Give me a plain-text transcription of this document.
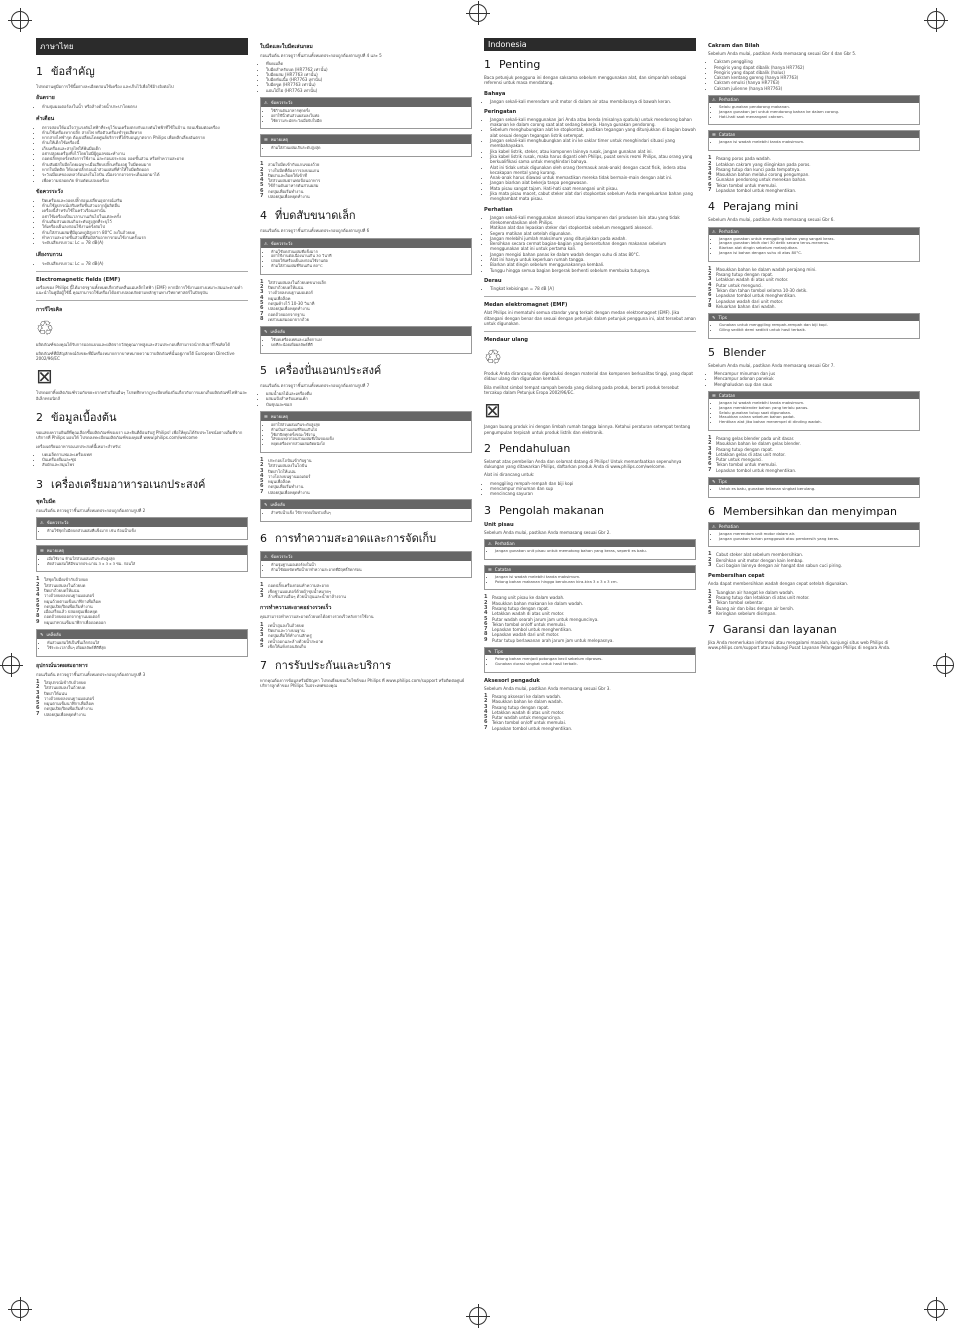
ภาษาไทย
1 ข้อสำคัญ
โปรดอ่านคู่มือการใช้นี้อย่างละเอียดก่อนใช้เครื่อง และเก็บไว้เพื่อใช้อ้างอิงต่อไป
อันตราย
• ห้ามจุ่มมอเตอร์ลงในน้ำ หรือล้างด้วยน้ำประปาโดยตรง
คำเตือน
• ตรวจสอบให้แน่ใจว่าแรงดันไฟฟ้าที่ระบุไว้บนเครื่องตรงกับแรงดันไฟฟ้าที่ใช้ในบ้าน ก่อนเชื่อมต่อเครื่อง
• ห้ามใช้เครื่องหากปลั๊ก สายไฟ หรือตัวเครื่องชำรุดเสียหาย
• หากสายไฟชำรุด ต้องเปลี่ยนโดยศูนย์บริการที่ได้รับอนุญาตจาก Philips เพื่อหลีกเลี่ยงอันตราย
• ห้ามให้เด็กใช้เครื่องนี้
• เก็บเครื่องและสายไฟให้พ้นมือเด็ก
• อย่าปล่อยเครื่องทิ้งไว้โดยไม่มีผู้ดูแลขณะทำงาน
• ถอดปลั๊กทุกครั้งหลังการใช้งาน และก่อนประกอบ ถอดชิ้นส่วน หรือทำความสะอาด
• ห้ามสัมผัสใบมีดโดยเฉพาะเมื่อเสียบปลั๊กเครื่องอยู่ ใบมีดคมมาก
• หากใบมีดติด ให้ถอดปลั๊กก่อนนำส่วนผสมที่ทำให้ใบมีดติดออก
• ระวังเมื่อเทของเหลวร้อนลงในโถปั่น เนื่องจากอาจกระเด็นออกมาได้
• เพื่อความปลอดภัย ห้ามดัดแปลงเครื่อง
ข้อควรระวัง
• ปิดเครื่องและถอดปลั๊กก่อนเปลี่ยนอุปกรณ์เสริม
• ห้ามใช้อุปกรณ์เสริมหรือชิ้นส่วนจากผู้ผลิตอื่น
• เครื่องนี้สำหรับใช้ในครัวเรือนเท่านั้น
• อย่าใช้เครื่องเป็นเวลานานเกินไปในแต่ละครั้ง
• ห้ามเติมส่วนผสมเกินระดับสูงสุดที่ระบุไว้
• ให้เครื่องเย็นลงก่อนใช้งานครั้งต่อไป
• ห้ามใส่ส่วนผสมที่มีอุณหภูมิสูงกว่า 80°C ลงในถ้วยบด
• ทำความสะอาดชิ้นส่วนที่สัมผัสกับอาหารก่อนใช้งานครั้งแรก
• ระดับเสียงรบกวน: Lc = 78 dB(A)
เสียงรบกวน
• ระดับเสียงรบกวน: Lc = 78 dB(A)
Electromagnetic fields (EMF)
เครื่องของ Philips นี้ได้มาตรฐานทั้งหมดเกี่ยวกับคลื่นแม่เหล็กไฟฟ้า (EMF) หากมีการใช้งานอย่างเหมาะสมและตามคำแนะนำในคู่มือผู้ใช้นี้ คุณสามารถใช้เครื่องได้อย่างปลอดภัยตามหลักฐานทางวิทยาศาสตร์ในปัจจุบัน
การรีไซเคิล
♲
ผลิตภัณฑ์ของคุณได้รับการออกแบบและผลิตจากวัสดุคุณภาพสูงและส่วนประกอบที่สามารถนำกลับมารีไซเคิลได้
ผลิตภัณฑ์ที่มีสัญลักษณ์ถังขยะที่มีเครื่องหมายกากบาทหมายความว่าผลิตภัณฑ์นั้นอยู่ภายใต้ European Directive 2002/96/EC
⊠
โปรดอย่าทิ้งผลิตภัณฑ์รวมกับขยะจากครัวเรือนอื่นๆ โปรดศึกษากฎระเบียบท้องถิ่นเกี่ยวกับการแยกเก็บผลิตภัณฑ์ไฟฟ้าและอิเล็กทรอนิกส์
2 ข้อมูลเบื้องต้น
ขอแสดงความยินดีที่คุณเลือกซื้อผลิตภัณฑ์ของเรา และยินดีต้อนรับสู่ Philips! เพื่อให้คุณได้รับประโยชน์อย่างเต็มที่จากบริการที่ Philips มอบให้ โปรดลงทะเบียนผลิตภัณฑ์ของคุณที่ www.philips.com/welcome
เครื่องเตรียมอาหารอเนกประสงค์นี้เหมาะสำหรับ:
• บดเมล็ดกาแฟและเครื่องเทศ
• ปั่นเครื่องดื่มและซุป
• สับผักและสมุนไพร
3 เครื่องเตรียมอาหารอเนกประสงค์
ชุดใบมีด
ก่อนเริ่มต้น ตรวจดูว่าชิ้นส่วนทั้งหมดประกอบถูกต้องตามรูปที่ 2
⚠ ข้อควรระวัง
• ห้ามใช้ชุดใบมีดบดส่วนผสมที่แข็งมาก เช่น ก้อนน้ำแข็ง
☰ หมายเหตุ
• เมื่อใช้งาน ห้ามใส่ส่วนผสมเกินระดับสูงสุด
• ตัดส่วนผสมให้มีขนาดประมาณ 3 x 3 x 3 ซม. ก่อนใส่
1	ใส่ชุดใบมีดเข้ากับถ้วยบด
2	ใส่ส่วนผสมลงในถ้วยบด
3	ปิดฝาถ้วยบดให้แน่น
4	วางถ้วยบดลงบนฐานมอเตอร์
5	หมุนถ้วยตามเข็มนาฬิกาเพื่อล็อค
6	กดปุ่มเปิด/ปิดเพื่อเริ่มทำงาน
7	เมื่อเสร็จแล้ว ปล่อยปุ่มเพื่อหยุด
8	ถอดถ้วยบดออกจากฐานมอเตอร์
9	หมุนฝาทวนเข็มนาฬิกาเพื่อถอดออก
✎ เคล็ดลับ
• หั่นส่วนผสมให้เป็นชิ้นเล็กก่อนใส่
• ใช้ระยะเวลาสั้นๆ เพื่อผลลัพธ์ที่ดีที่สุด
อุปกรณ์นวดผสมอาหาร
ก่อนเริ่มต้น ตรวจดูว่าชิ้นส่วนทั้งหมดประกอบถูกต้องตามรูปที่ 3
1	ใส่อุปกรณ์เข้ากับถ้วยบด
2	ใส่ส่วนผสมลงในถ้วยบด
3	ปิดฝาให้แน่น
4	วางถ้วยบดลงบนฐานมอเตอร์
5	หมุนตามเข็มนาฬิกาเพื่อล็อค
6	กดปุ่มเปิด/ปิดเพื่อเริ่มทำงาน
7	ปล่อยปุ่มเพื่อหยุดทำงาน
ใบมีดและใบมีดเล่นกลม
ก่อนเริ่มต้น ตรวจดูว่าชิ้นส่วนทั้งหมดประกอบถูกต้องตามรูปที่ 4 และ 5
• ที่บดเมล็ด
• ใบมีดสำหรับบด (HR7762 เท่านั้น)
• ใบมีดผสม (HR7763 เท่านั้น)
• ใบมีดหั่นเนื้อ (HR7763 เท่านั้น)
• ใบมีดขูด (HR7763 เท่านั้น)
• แผ่นโม้ไผ่ (HR7763 เท่านั้น)
⚠ ข้อควรระวัง
• ใช้ก้านดันอาหารทุกครั้ง
• อย่าใช้นิ้วดันส่วนผสมลงในท่อ
• ใช้ความระมัดระวังเมื่อจับใบมีด
☰ หมายเหตุ
• ห้ามใส่ส่วนผสมเกินระดับสูงสุด
1	สวมใบมีดเข้ากับแกนของถ้วย
2	วางใบมีดที่ต้องการลงบนแกน
3	ปิดฝาและล็อคให้เข้าที่
4	ใส่ส่วนผสมผ่านท่อป้อนอาหาร
5	ใช้ก้านดันอาหารดันส่วนผสม
6	กดปุ่มเพื่อเริ่มทำงาน
7	ปล่อยปุ่มเพื่อหยุดทำงาน
4 ที่บดสับขนาดเล็ก
ก่อนเริ่มต้น ตรวจดูว่าชิ้นส่วนทั้งหมดประกอบถูกต้องตามรูปที่ 6
⚠ ข้อควรระวัง
• ห้ามใช้บดส่วนผสมที่แข็งมาก
• อย่าใช้งานต่อเนื่องนานเกิน 30 วินาที
• ปล่อยให้เครื่องเย็นลงก่อนใช้งานต่อ
• ห้ามใส่ส่วนผสมที่ร้อนเกิน 80°C
1	ใส่ส่วนผสมลงในถ้วยบดขนาดเล็ก
2	ปิดฝาถ้วยบดให้แน่น
3	วางถ้วยลงบนฐานมอเตอร์
4	หมุนเพื่อล็อค
5	กดปุ่มค้างไว้ 10-30 วินาที
6	ปล่อยปุ่มเพื่อหยุดทำงาน
7	ถอดถ้วยออกจากฐาน
8	เทส่วนผสมออกจากถ้วย
✎ เคล็ดลับ
• ใช้บดเครื่องเทศและเมล็ดกาแฟ
• บดทีละน้อยเพื่อผลลัพธ์ที่ดี
5 เครื่องปั่นเอนกประสงค์
ก่อนเริ่มต้น ตรวจดูว่าชิ้นส่วนทั้งหมดประกอบถูกต้องตามรูปที่ 7
• ผสมน้ำผลไม้และเครื่องดื่ม
• ผสมแป้งสำหรับแพนเค้ก
• ปั่นซุปและซอส
☰ หมายเหตุ
• อย่าใส่ส่วนผสมเกินระดับสูงสุด
• ห้ามปั่นส่วนผสมที่ร้อนเกินไป
• ใช้ฝาปิดทุกครั้งขณะใช้งาน
• ใส่ของเหลวก่อนส่วนผสมที่เป็นของแข็ง
• หยุดเครื่องหากส่วนผสมติดผนังโถ
1	ประกอบโถปั่นเข้ากับฐาน
2	ใส่ส่วนผสมลงในโถปั่น
3	ปิดฝาโถให้แน่น
4	วางโถลงบนฐานมอเตอร์
5	หมุนเพื่อล็อค
6	กดปุ่มเพื่อเริ่มทำงาน
7	ปล่อยปุ่มเพื่อหยุดทำงาน
✎ เคล็ดลับ
• สำหรับน้ำแข็ง ใช้การกดเป็นช่วงสั้นๆ
6 การทำความสะอาดและการจัดเก็บ
⚠ ข้อควรระวัง
• ห้ามจุ่มฐานมอเตอร์ลงในน้ำ
• ห้ามใช้ฝอยขัดหรือน้ำยาทำความสะอาดที่มีฤทธิ์กัดกร่อน
1	ถอดปลั๊กเครื่องก่อนทำความสะอาด
2	เช็ดฐานมอเตอร์ด้วยผ้าชุบน้ำหมาดๆ
3	ล้างชิ้นส่วนอื่นๆ ด้วยน้ำอุ่นและน้ำยาล้างจาน
การทำความสะอาดอย่างรวดเร็ว
คุณสามารถทำความสะอาดถ้วยบดได้อย่างรวดเร็วหลังการใช้งาน
1	เทน้ำอุ่นลงในถ้วยบด
2	ปิดฝาและวางบนฐาน
3	กดปุ่มเพื่อให้ทำงานสักครู่
4	เทน้ำออกและล้างด้วยน้ำสะอาด
5	เช็ดให้แห้งก่อนจัดเก็บ
7 การรับประกันและบริการ
หากคุณต้องการข้อมูลหรือมีปัญหา โปรดเยี่ยมชมเว็บไซต์ของ Philips ที่ www.philips.com/support หรือติดต่อศูนย์บริการลูกค้าของ Philips ในประเทศของคุณ
Indonesia
1 Penting
Baca petunjuk pengguna ini dengan saksama sebelum menggunakan alat, dan simpanlah sebagai referensi untuk masa mendatang.
Bahaya
• Jangan sekali-kali merendam unit motor di dalam air atau membilasnya di bawah keran.
Peringatan
• Jangan sekali-kali menggunakan jari Anda atau benda (misalnya spatula) untuk mendorong bahan makanan ke dalam corong saat alat sedang bekerja. Hanya gunakan pendorong.
• Sebelum menghubungkan alat ke stopkontak, pastikan tegangan yang ditunjukkan di bagian bawah alat sesuai dengan tegangan listrik setempat.
• Jangan sekali-kali menghubungkan alat ini ke saklar timer untuk menghindari situasi yang membahayakan.
• Jika kabel listrik, steker, atau komponen lainnya rusak, jangan gunakan alat ini.
• Jika kabel listrik rusak, maka harus diganti oleh Philips, pusat servis resmi Philips, atau orang yang berkualifikasi sama untuk menghindari bahaya.
• Alat ini tidak untuk digunakan oleh orang (termasuk anak-anak) dengan cacat fisik, indera atau kecakapan mental yang kurang.
• Anak-anak harus diawasi untuk memastikan mereka tidak bermain-main dengan alat ini.
• Jangan biarkan alat bekerja tanpa pengawasan.
• Mata pisau sangat tajam. Hati-hati saat menangani unit pisau.
• Jika mata pisau macet, cabut steker alat dari stopkontak sebelum Anda mengeluarkan bahan yang menghambat mata pisau.
Perhatian
• Jangan sekali-kali menggunakan aksesori atau komponen dari produsen lain atau yang tidak direkomendasikan oleh Philips.
• Matikan alat dan lepaskan steker dari stopkontak sebelum mengganti aksesori.
• Segera matikan alat setelah digunakan.
• Jangan melebihi jumlah maksimum yang ditunjukkan pada wadah.
• Bersihkan secara cermat bagian-bagian yang bersentuhan dengan makanan sebelum menggunakan alat ini untuk pertama kali.
• Jangan mengisi bahan panas ke dalam wadah dengan suhu di atas 80°C.
• Alat ini hanya untuk keperluan rumah tangga.
• Biarkan alat dingin sebelum menggunakannya kembali.
• Tunggu hingga semua bagian bergerak berhenti sebelum membuka tutupnya.
Derau
• Tingkat kebisingan = 78 dB [A]
Medan elektromagnet (EMF)
Alat Philips ini mematuhi semua standar yang terkait dengan medan elektromagnet (EMF). Jika ditangani dengan benar dan sesuai dengan petunjuk dalam petunjuk pengguna ini, alat tersebut aman untuk digunakan.
Mendaur ulang
♲
Produk Anda dirancang dan diproduksi dengan material dan komponen berkualitas tinggi, yang dapat didaur ulang dan digunakan kembali.
Bila melihat simbol tempat sampah beroda yang disilang pada produk, berarti produk tersebut tercakup dalam Petunjuk Eropa 2002/96/EC.
⊠
Jangan buang produk ini dengan limbah rumah tangga lainnya. Ketahui peraturan setempat tentang pengumpulan terpisah untuk produk listrik dan elektronik.
2 Pendahuluan
Selamat atas pembelian Anda dan selamat datang di Philips! Untuk memanfaatkan sepenuhnya dukungan yang ditawarkan Philips, daftarkan produk Anda di www.philips.com/welcome.
Alat ini dirancang untuk:
• menggiling rempah-rempah dan biji kopi
• mencampur minuman dan sup
• mencincang sayuran
3 Pengolah makanan
Unit pisau
Sebelum Anda mulai, pastikan Anda memasang sesuai Gbr 2.
⚠ Perhatian
• Jangan gunakan unit pisau untuk memotong bahan yang keras, seperti es batu.
☰ Catatan
• Jangan isi wadah melebihi tanda maksimum.
• Potong bahan makanan hingga berukuran kira-kira 3 x 3 x 3 cm.
1	Pasang unit pisau ke dalam wadah.
2	Masukkan bahan makanan ke dalam wadah.
3	Pasang tutup dengan rapat.
4	Letakkan wadah di atas unit motor.
5	Putar wadah searah jarum jam untuk menguncinya.
6	Tekan tombol on/off untuk memulai.
7	Lepaskan tombol untuk menghentikan.
8	Lepaskan wadah dari unit motor.
9	Putar tutup berlawanan arah jarum jam untuk melepasnya.
✎ Tips
• Potong bahan menjadi potongan kecil sebelum diproses.
• Gunakan durasi singkat untuk hasil terbaik.
Aksesori pengaduk
Sebelum Anda mulai, pastikan Anda memasang sesuai Gbr 3.
1	Pasang aksesori ke dalam wadah.
2	Masukkan bahan ke dalam wadah.
3	Pasang tutup dengan rapat.
4	Letakkan wadah di atas unit motor.
5	Putar wadah untuk menguncinya.
6	Tekan tombol on/off untuk memulai.
7	Lepaskan tombol untuk menghentikan.
Cakram dan Bilah
Sebelum Anda mulai, pastikan Anda memasang sesuai Gbr 4 dan Gbr 5.
• Cakram penggiling
• Pengiris yang dapat dibalik (hanya HR7762)
• Pengiris yang dapat dibalik (halus)
• Cakram kentang goreng (hanya HR7763)
• Cakram emulsi (hanya HR7763)
• Cakram julienne (hanya HR7763)
⚠ Perhatian
• Selalu gunakan pendorong makanan.
• Jangan gunakan jari untuk mendorong bahan ke dalam corong.
• Hati-hati saat menangani cakram.
☰ Catatan
• Jangan isi wadah melebihi tanda maksimum.
1	Pasang poros pada wadah.
2	Letakkan cakram yang diinginkan pada poros.
3	Pasang tutup dan kunci pada tempatnya.
4	Masukkan bahan melalui corong pengumpan.
5	Gunakan pendorong untuk menekan bahan.
6	Tekan tombol untuk memulai.
7	Lepaskan tombol untuk menghentikan.
4 Perajang mini
Sebelum Anda mulai, pastikan Anda memasang sesuai Gbr 6.
⚠ Perhatian
• Jangan gunakan untuk menggiling bahan yang sangat keras.
• Jangan gunakan lebih dari 30 detik secara terus-menerus.
• Biarkan alat dingin sebelum melanjutkan.
• Jangan isi bahan dengan suhu di atas 80°C.
1	Masukkan bahan ke dalam wadah perajang mini.
2	Pasang tutup dengan rapat.
3	Letakkan wadah di atas unit motor.
4	Putar untuk mengunci.
5	Tekan dan tahan tombol selama 10-30 detik.
6	Lepaskan tombol untuk menghentikan.
7	Lepaskan wadah dari unit motor.
8	Keluarkan bahan dari wadah.
✎ Tips
• Gunakan untuk menggiling rempah-rempah dan biji kopi.
• Giling sedikit demi sedikit untuk hasil terbaik.
5 Blender
Sebelum Anda mulai, pastikan Anda memasang sesuai Gbr 7.
• Mencampur minuman dan jus
• Mencampur adonan panekuk
• Menghaluskan sup dan saus
☰ Catatan
• Jangan isi wadah melebihi tanda maksimum.
• Jangan memblender bahan yang terlalu panas.
• Selalu gunakan tutup saat digunakan.
• Masukkan cairan sebelum bahan padat.
• Hentikan alat jika bahan menempel di dinding wadah.
1	Pasang gelas blender pada unit dasar.
2	Masukkan bahan ke dalam gelas blender.
3	Pasang tutup dengan rapat.
4	Letakkan gelas di atas unit motor.
5	Putar untuk mengunci.
6	Tekan tombol untuk memulai.
7	Lepaskan tombol untuk menghentikan.
✎ Tips
• Untuk es batu, gunakan tekanan singkat berulang.
6 Membersihkan dan menyimpan
⚠ Perhatian
• Jangan merendam unit motor dalam air.
• Jangan gunakan bahan penggosok atau pembersih yang keras.
1	Cabut steker alat sebelum membersihkan.
2	Bersihkan unit motor dengan kain lembap.
3	Cuci bagian lainnya dengan air hangat dan sabun cuci piring.
Pembersihan cepat
Anda dapat membersihkan wadah dengan cepat setelah digunakan.
1	Tuangkan air hangat ke dalam wadah.
2	Pasang tutup dan letakkan di atas unit motor.
3	Tekan tombol sebentar.
4	Buang air dan bilas dengan air bersih.
5	Keringkan sebelum disimpan.
7 Garansi dan layanan
Jika Anda memerlukan informasi atau mengalami masalah, kunjungi situs web Philips di www.philips.com/support atau hubungi Pusat Layanan Pelanggan Philips di negara Anda.
